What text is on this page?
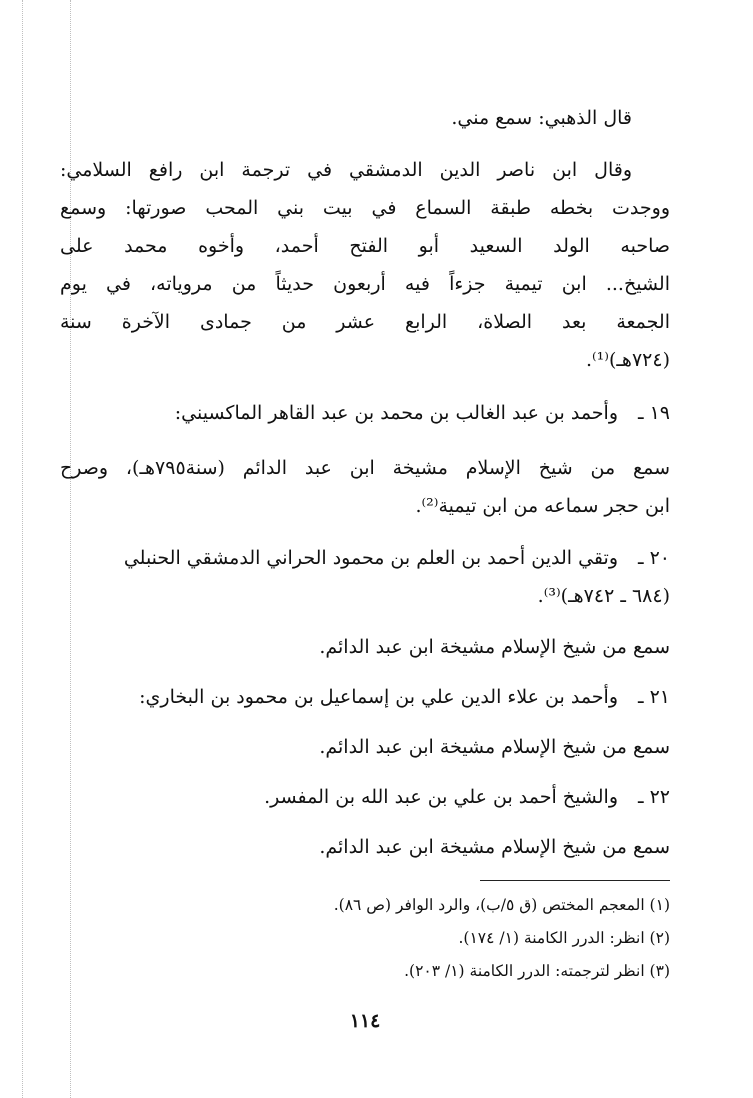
قال الذهبي: سمع مني.
وقال ابن ناصر الدين الدمشقي في ترجمة ابن رافع السلامي:
ووجدت بخطه طبقة السماع في بيت بني المحب صورتها: وسمع
صاحبه الولد السعيد أبو الفتح أحمد، وأخوه محمد على
الشيخ... ابن تيمية جزءاً فيه أربعون حديثاً من مروياته، في يوم
الجمعة بعد الصلاة، الرابع عشر من جمادى الآخرة سنة
(٧٢٤هـ)⁽¹⁾.
١٩ ـ
وأحمد بن عبد الغالب بن محمد بن عبد القاهر الماكسيني:
سمع من شيخ الإسلام مشيخة ابن عبد الدائم (سنة٧٩٥هـ)، وصرح
ابن حجر سماعه من ابن تيمية⁽²⁾.
٢٠ ـ
وتقي الدين أحمد بن العلم بن محمود الحراني الدمشقي الحنبلي
(٦٨٤ ـ ٧٤٢هـ)⁽³⁾.
سمع من شيخ الإسلام مشيخة ابن عبد الدائم.
٢١ ـ
وأحمد بن علاء الدين علي بن إسماعيل بن محمود بن البخاري:
سمع من شيخ الإسلام مشيخة ابن عبد الدائم.
٢٢ ـ
والشيخ أحمد بن علي بن عبد الله بن المفسر.
سمع من شيخ الإسلام مشيخة ابن عبد الدائم.
(١) المعجم المختص (ق ٥/ب)، والرد الوافر (ص ٨٦).
(٢) انظر: الدرر الكامنة (١/ ١٧٤).
(٣) انظر لترجمته: الدرر الكامنة (١/ ٢٠٣).
١١٤
